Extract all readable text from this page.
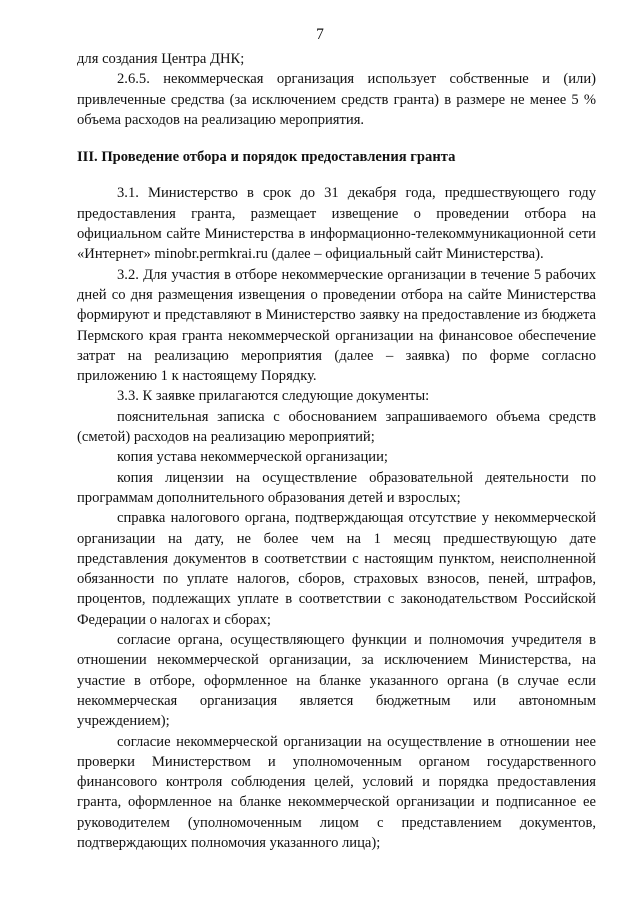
7

для создания Центра ДНК;

2.6.5. некоммерческая организация использует собственные и (или) привлеченные средства (за исключением средств гранта) в размере не менее 5 % объема расходов на реализацию мероприятия.

III. Проведение отбора и порядок предоставления гранта

3.1. Министерство в срок до 31 декабря года, предшествующего году предоставления гранта, размещает извещение о проведении отбора на официальном сайте Министерства в информационно-телекоммуникационной сети «Интернет» minobr.permkrai.ru (далее – официальный сайт Министерства).

3.2. Для участия в отборе некоммерческие организации в течение 5 рабочих дней со дня размещения извещения о проведении отбора на сайте Министерства формируют и представляют в Министерство заявку на предоставление из бюджета Пермского края гранта некоммерческой организации на финансовое обеспечение затрат на реализацию мероприятия (далее – заявка) по форме согласно приложению 1 к настоящему Порядку.

3.3. К заявке прилагаются следующие документы:

пояснительная записка с обоснованием запрашиваемого объема средств (сметой) расходов на реализацию мероприятий;

копия устава некоммерческой организации;

копия лицензии на осуществление образовательной деятельности по программам дополнительного образования детей и взрослых;

справка налогового органа, подтверждающая отсутствие у некоммерческой организации на дату, не более чем на 1 месяц предшествующую дате представления документов в соответствии с настоящим пунктом, неисполненной обязанности по уплате налогов, сборов, страховых взносов, пеней, штрафов, процентов, подлежащих уплате в соответствии с законодательством Российской Федерации о налогах и сборах;

согласие органа, осуществляющего функции и полномочия учредителя в отношении некоммерческой организации, за исключением Министерства, на участие в отборе, оформленное на бланке указанного органа (в случае если некоммерческая организация является бюджетным или автономным учреждением);

согласие некоммерческой организации на осуществление в отношении нее проверки Министерством и уполномоченным органом государственного финансового контроля соблюдения целей, условий и порядка предоставления гранта, оформленное на бланке некоммерческой организации и подписанное ее руководителем (уполномоченным лицом с представлением документов, подтверждающих полномочия указанного лица);
